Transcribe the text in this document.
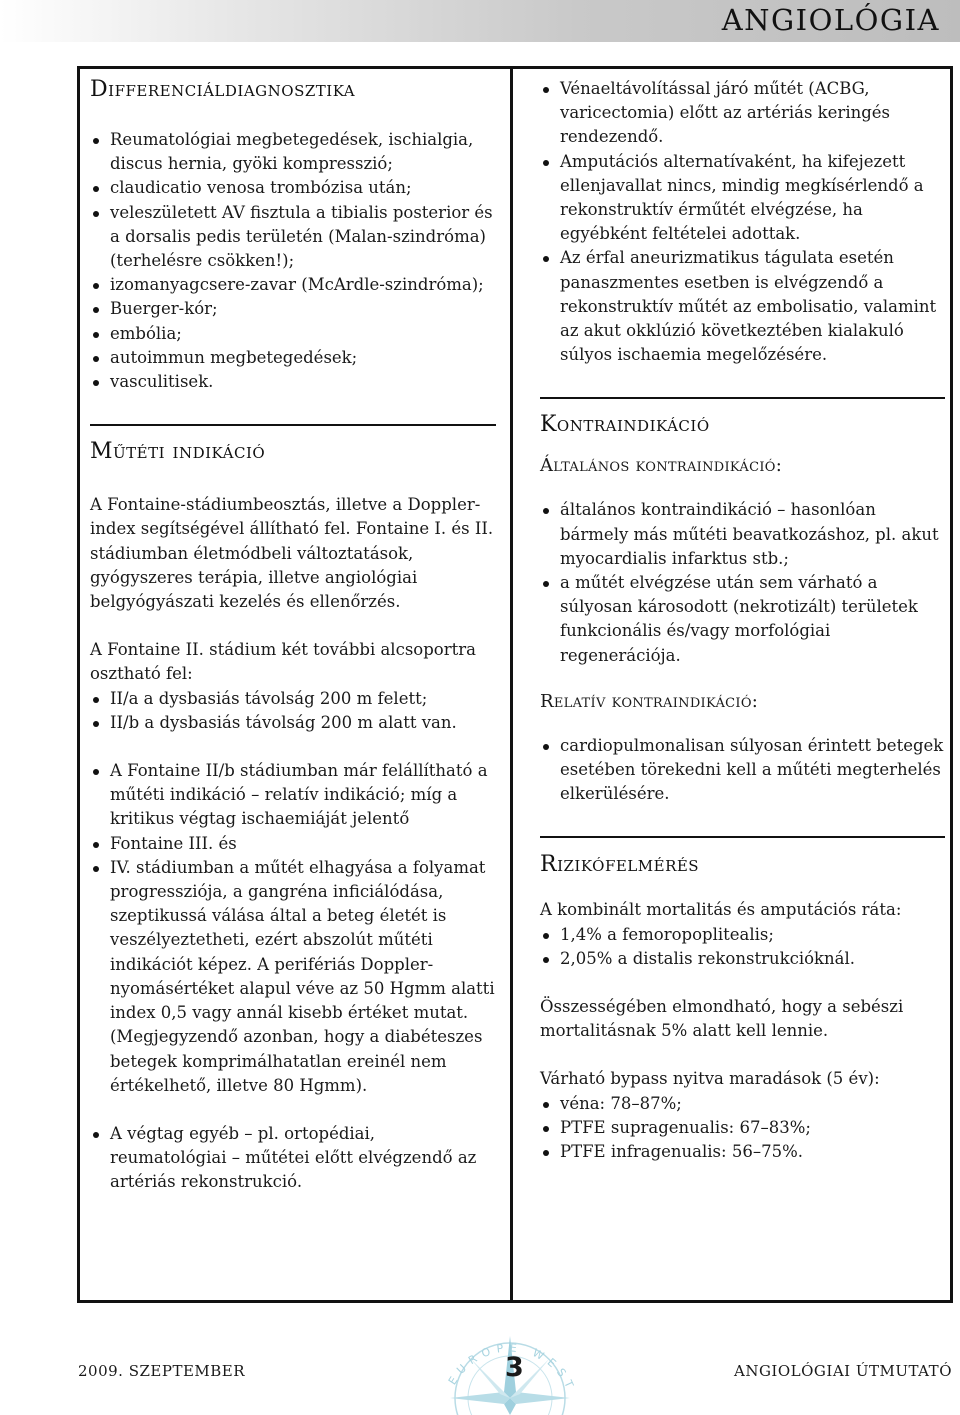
ANGIOLÓGIA
Differenciáldiagnosztika
Reumatológiai megbetegedések, ischialgia, discus hernia, gyöki kompresszió;
claudicatio venosa trombózisa után;
veleszületett AV fisztula a tibialis posterior és a dorsalis pedis területén (Malan-szindróma) (terhelésre csökken!);
izomanyagcsere-zavar (McArdle-szindróma);
Buerger-kór;
embólia;
autoimmun megbetegedések;
vasculitisek.
Műtéti indikáció

A Fontaine-stádiumbeosztás, illetve a Doppler-index segítségével állítható fel. Fontaine I. és II. stádiumban életmódbeli változtatások, gyógyszeres terápia, illetve angiológiai belgyógyászati kezelés és ellenőrzés.

A Fontaine II. stádium két további alcsoportra osztható fel:

II/a a dysbasiás távolság 200 m felett;
II/b a dysbasiás távolság 200 m alatt van.
A Fontaine II/b stádiumban már felállítható a műtéti indikáció – relatív indikáció; míg a kritikus végtag ischaemiáját jelentő
Fontaine III. és
IV. stádiumban a műtét elhagyása a folyamat progressziója, a gangréna inficiálódása, szeptikussá válása által a beteg életét is veszélyeztetheti, ezért abszolút műtéti indikációt képez. A perifériás Doppler-nyomásértéket alapul véve az 50 Hgmm alatti index 0,5 vagy annál kisebb értéket mutat. (Megjegyzendő azonban, hogy a diabéteszes betegek komprimálhatatlan ereinél nem értékelhető, illetve 80 Hgmm).
A végtag egyéb – pl. ortopédiai, reumatológiai – műtétei előtt elvégzendő az artériás rekonstrukció.
Vénaeltávolítással járó műtét (ACBG, varicectomia) előtt az artériás keringés rendezendő.
Amputációs alternatívaként, ha kifejezett ellenjavallat nincs, mindig megkísérlendő a rekonstruktív érműtét elvégzése, ha egyébként feltételei adottak.
Az érfal aneurizmatikus tágulata esetén panaszmentes esetben is elvégzendő a rekonstruktív műtét az embolisatio, valamint az akut okklúzió következtében kialakuló súlyos ischaemia megelőzésére.
Kontraindikáció
Általános kontraindikáció:
általános kontraindikáció – hasonlóan bármely más műtéti beavatkozáshoz, pl. akut myocardialis infarktus stb.;
a műtét elvégzése után sem várható a súlyosan károsodott (nekrotizált) területek funkcionális és/vagy morfológiai regenerációja.
Relatív kontraindikáció:
cardiopulmonalisan súlyosan érintett betegek esetében törekedni kell a műtéti megterhelés elkerülésére.
Rizikófelmérés

A kombinált mortalitás és amputációs ráta:

1,4% a femoropoplitealis;
2,05% a distalis rekonstrukcióknál.

Összességében elmondható, hogy a sebészi mortalitásnak 5% alatt kell lennie.

Várható bypass nyitva maradások (5 év):

véna: 78–87%;
PTFE supragenualis: 67–83%;
PTFE infragenualis: 56–75%.
EUROPE WEST
2009. SZEPTEMBER	3	ANGIOLÓGIAI ÚTMUTATÓ
